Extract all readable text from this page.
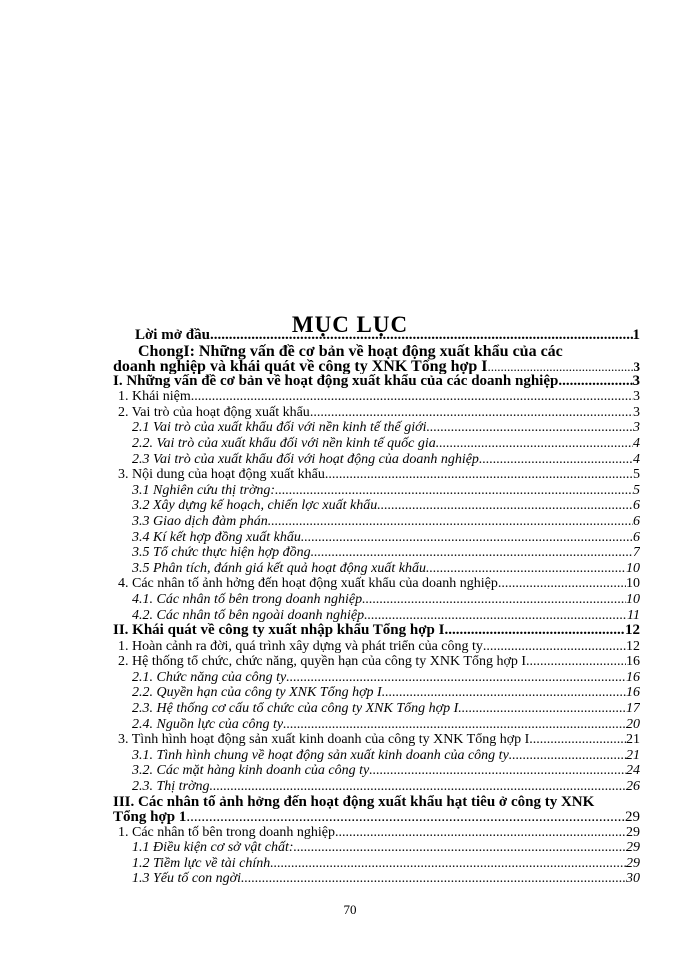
MỤC LỤC
Lời mở đầu .....	1
ChongI: Những vấn đề cơ bản về hoạt động xuất khẩu của các
doanh nghiệp và khái quát về công ty XNK Tổng hợp I .....	3
I. Những vấn đề cơ bản về hoạt động xuất khẩu của các doanh nghiệp .....	3
1. Khái niệm .....	3
2. Vai trò của hoạt động xuất khẩu .....	3
2.1 Vai trò của xuất khẩu đối với nền kinh tế thế giới .....	3
2.2. Vai trò của xuất khẩu đối với nền kinh tế quốc gia. .....	4
2.3 Vai trò của xuất khẩu đối với hoạt động của doanh nghiệp .....	4
3. Nội dung của hoạt động xuất khẩu. .....	5
3.1 Nghiên cứu thị trờng: .....	5
3.2 Xây dựng kế hoạch, chiến lợc xuất khẩu. .....	6
3.3 Giao dịch đàm phán .....	6
3.4 Kí kết hợp đồng xuất khẩu .....	6
3.5 Tổ chức thực hiện hợp đồng .....	7
3.5 Phân tích, đánh giá kết quả hoạt động xuất khẩu. .....	10
4. Các nhân tố ảnh hởng đến hoạt động xuất khẩu của doanh nghiệp. .....	10
4.1. Các nhân tố bên trong doanh nghiệp .....	10
4.2. Các nhân tố bên ngoài doanh nghiệp .....	11
II. Khái quát về công ty xuất nhập khẩu Tổng hợp I .....	12
1. Hoàn cảnh ra đời, quá trình xây dựng và phát triển của công ty .....	12
2. Hệ thống tổ chức, chức năng, quyền hạn của công ty XNK Tổng hợp I .....	16
2.1. Chức năng của công ty .....	16
2.2. Quyền hạn của công ty XNK Tổng hợp I .....	16
2.3. Hệ thống cơ cấu tổ chức của công ty XNK Tổng hợp I. .....	17
2.4. Nguồn lực của công ty .....	20
3. Tình hình hoạt động sản xuất kinh doanh của công ty XNK Tổng hợp I .....	21
3.1. Tình hình chung về hoạt động sản xuất kinh doanh của công ty .....	21
3.2. Các mặt hàng kinh doanh của công ty .....	24
2.3. Thị trờng .....	26
III. Các nhân tố ảnh hởng đến hoạt động xuất khẩu hạt tiêu ở công ty XNK
Tổng hợp 1 .....	29
1. Các nhân tố bên trong doanh nghiệp .....	29
1.1 Điều kiện cơ sở vật chất: .....	29
1.2 Tiềm lực về tài chính .....	29
1.3 Yếu tố con ngời .....	30
70
